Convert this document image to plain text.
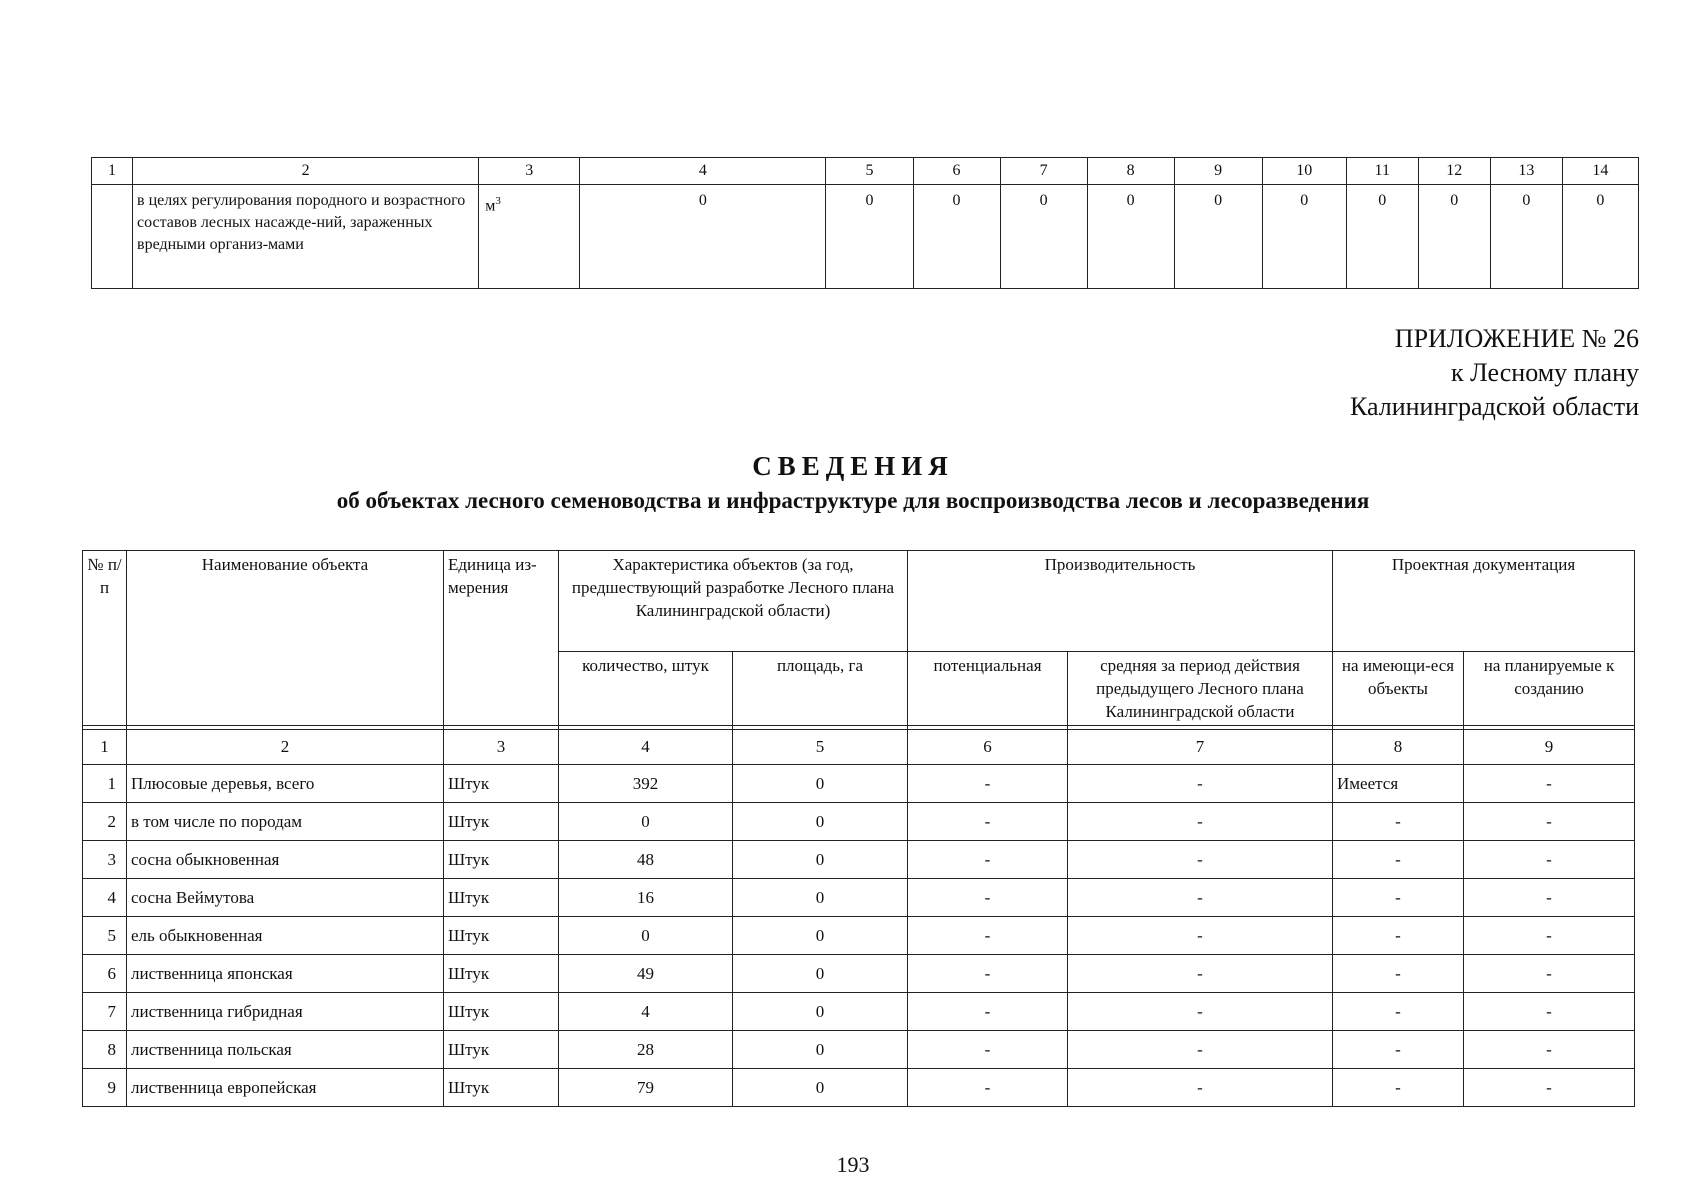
1	2	3	4	5	6	7	8	9	10	11	12	13	14
	в целях регулирования породного и возрастного составов лесных насажде-ний, зараженных вредными организ-мами	$м^3$	0	0	0	0	0	0	0	0	0	0	0
ПРИЛОЖЕНИЕ № 26
к Лесному плану
Калининградской области
СВЕДЕНИЯ
об объектах лесного семеноводства и инфраструктуре для воспроизводства лесов и лесоразведения
№ п/п	Наименование объекта	Единица из-мерения	Характеристика объектов (за год, предшествующий разработке Лесного плана Калининградской области)		Производительность		Проектная документация	
			количество, штук	площадь, га	потенциальная	средняя за период действия предыдущего Лесного плана Калининградской области	на имеющи-еся объекты	на планируемые к созданию

1	2	3	4	5	6	7	8	9
1	Плюсовые деревья, всего	Штук	392	0	-	-	Имеется	-
2	в том числе по породам	Штук	0	0	-	-	-	-
3	сосна обыкновенная	Штук	48	0	-	-	-	-
4	сосна Веймутова	Штук	16	0	-	-	-	-
5	ель обыкновенная	Штук	0	0	-	-	-	-
6	лиственница японская	Штук	49	0	-	-	-	-
7	лиственница гибридная	Штук	4	0	-	-	-	-
8	лиственница польская	Штук	28	0	-	-	-	-
9	лиственница европейская	Штук	79	0	-	-	-	-
193
